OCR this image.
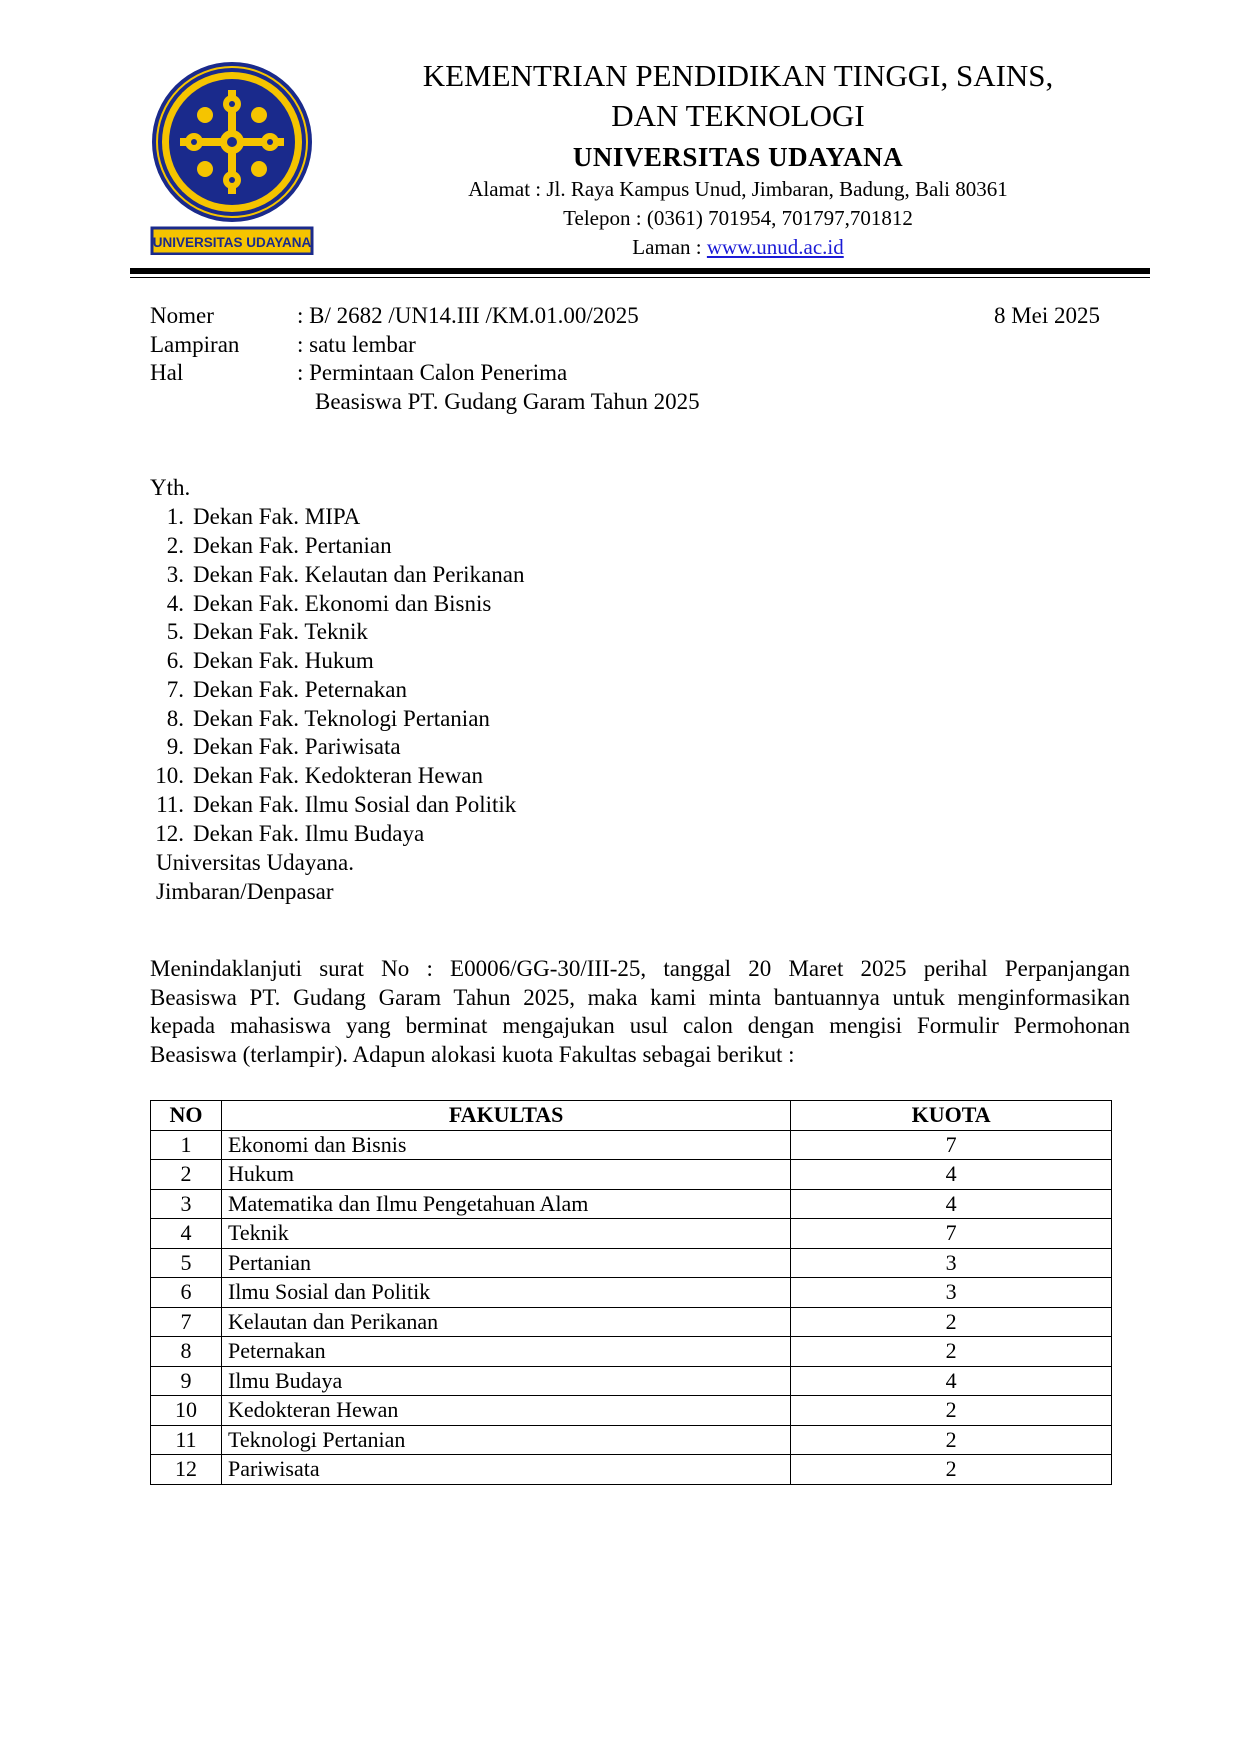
UNIVERSITAS UDAYANA
KEMENTRIAN PENDIDIKAN TINGGI, SAINS,
DAN TEKNOLOGI
UNIVERSITAS UDAYANA
Alamat : Jl. Raya Kampus Unud, Jimbaran, Badung, Bali 80361
Telepon : (0361) 701954, 701797,701812
Laman : www.unud.ac.id
Nomer	: B/ 2682 /UN14.III /KM.01.00/2025	8 Mei 2025
Lampiran	: satu lembar
Hal	: Permintaan Calon Penerima
Beasiswa PT. Gudang Garam Tahun 2025
Yth.
1. Dekan Fak. MIPA
2. Dekan Fak. Pertanian
3. Dekan Fak. Kelautan dan Perikanan
4. Dekan Fak. Ekonomi dan Bisnis
5. Dekan Fak. Teknik
6. Dekan Fak. Hukum
7. Dekan Fak. Peternakan
8. Dekan Fak. Teknologi Pertanian
9. Dekan Fak. Pariwisata
10. Dekan Fak. Kedokteran Hewan
11. Dekan Fak. Ilmu Sosial dan Politik
12. Dekan Fak. Ilmu Budaya
Universitas Udayana.
Jimbaran/Denpasar
Menindaklanjuti surat No : E0006/GG-30/III-25, tanggal 20 Maret 2025 perihal Perpanjangan
Beasiswa PT. Gudang Garam Tahun 2025, maka kami minta bantuannya untuk menginformasikan
kepada mahasiswa yang berminat mengajukan usul calon dengan mengisi Formulir Permohonan
Beasiswa (terlampir). Adapun alokasi kuota Fakultas sebagai berikut :
NO	FAKULTAS	KUOTA
1	Ekonomi dan Bisnis	7
2	Hukum	4
3	Matematika dan Ilmu Pengetahuan Alam	4
4	Teknik	7
5	Pertanian	3
6	Ilmu Sosial dan Politik	3
7	Kelautan dan Perikanan	2
8	Peternakan	2
9	Ilmu Budaya	4
10	Kedokteran Hewan	2
11	Teknologi Pertanian	2
12	Pariwisata	2
